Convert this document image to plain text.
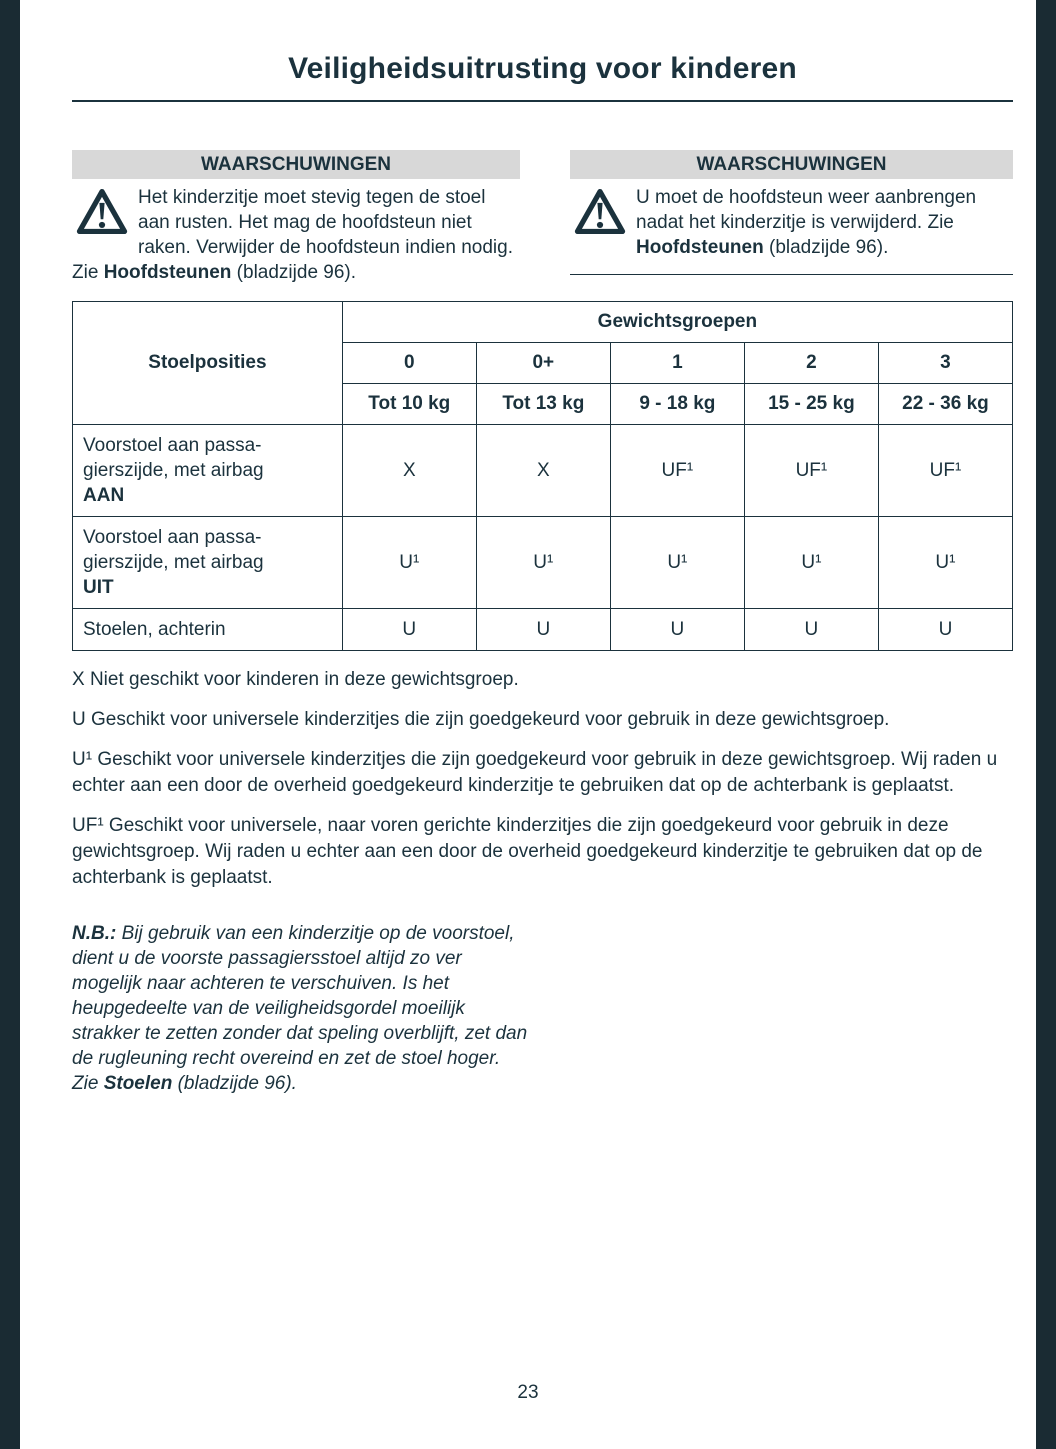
Veiligheidsuitrusting voor kinderen
WAARSCHUWINGEN
Het kinderzitje moet stevig tegen de stoel aan rusten. Het mag de hoofdsteun niet raken. Verwijder de hoofdsteun indien nodig. Zie Hoofdsteunen (bladzijde 96).
WAARSCHUWINGEN
U moet de hoofdsteun weer aanbrengen nadat het kinderzitje is verwijderd. Zie Hoofdsteunen (bladzijde 96).
Stoelposities	Gewichtsgroepen				
	0	0+	1	2	3
	Tot 10 kg	Tot 13 kg	9 - 18 kg	15 - 25 kg	22 - 36 kg

Voorstoel aan passa-
gierszijde, met airbag
AAN	X	X	UF¹	UF¹	UF¹

Voorstoel aan passa-
gierszijde, met airbag
UIT	U¹	U¹	U¹	U¹	U¹

Stoelen, achterin	U	U	U	U	U

X Niet geschikt voor kinderen in deze gewichtsgroep.

U Geschikt voor universele kinderzitjes die zijn goedgekeurd voor gebruik in deze gewichtsgroep.

U¹ Geschikt voor universele kinderzitjes die zijn goedgekeurd voor gebruik in deze gewichtsgroep. Wij raden u echter aan een door de overheid goedgekeurd kinderzitje te gebruiken dat op de achterbank is geplaatst.

UF¹ Geschikt voor universele, naar voren gerichte kinderzitjes die zijn goedgekeurd voor gebruik in deze gewichtsgroep. Wij raden u echter aan een door de overheid goedgekeurd kinderzitje te gebruiken dat op de achterbank is geplaatst.

N.B.: Bij gebruik van een kinderzitje op de voorstoel, dient u de voorste passagiersstoel altijd zo ver mogelijk naar achteren te verschuiven. Is het heupgedeelte van de veiligheidsgordel moeilijk strakker te zetten zonder dat speling overblijft, zet dan de rugleuning recht overeind en zet de stoel hoger. Zie Stoelen (bladzijde 96).
23
